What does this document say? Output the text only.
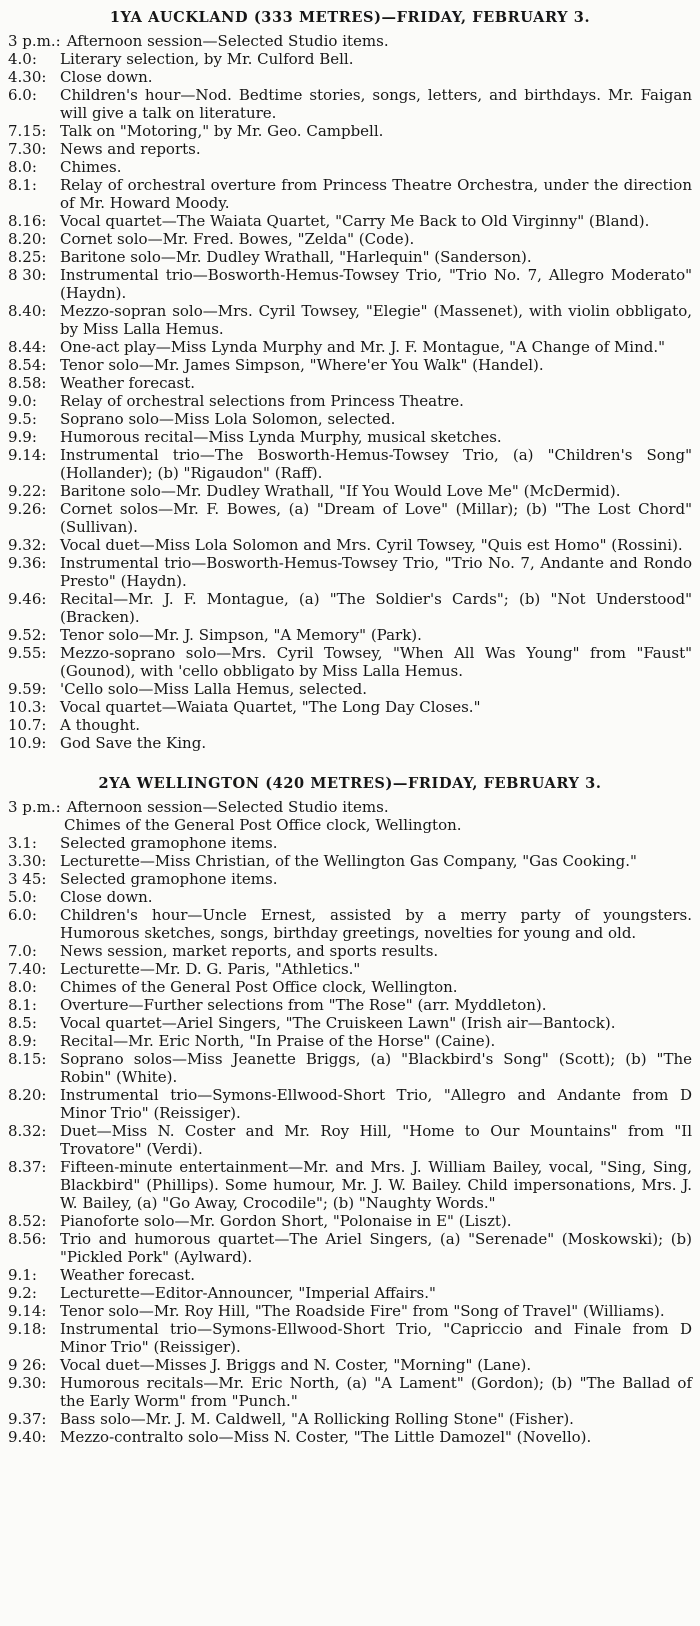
1YA AUCKLAND (333 METRES)—FRIDAY, FEBRUARY 3.
3 p.m.: Afternoon session—Selected Studio items.
4.0:	Literary selection, by Mr. Culford Bell.
4.30: Close down.
6.0:	Children's hour—Nod. Bedtime stories, songs, letters, and birthdays. Mr. Faigan will give a talk on literature.
7.15: Talk on "Motoring," by Mr. Geo. Campbell.
7.30: News and reports.
8.0:	Chimes.
8.1:	Relay of orchestral overture from Princess Theatre Orchestra, under the direction of Mr. Howard Moody.
8.16: Vocal quartet—The Waiata Quartet, "Carry Me Back to Old Virginny" (Bland).
8.20: Cornet solo—Mr. Fred. Bowes, "Zelda" (Code).
8.25: Baritone solo—Mr. Dudley Wrathall, "Harlequin" (Sanderson).
8 30: Instrumental trio—Bosworth-Hemus-Towsey Trio, "Trio No. 7, Allegro Moderato" (Haydn).
8.40: Mezzo-sopran solo—Mrs. Cyril Towsey, "Elegie" (Massenet), with violin obbligato, by Miss Lalla Hemus.
8.44: One-act play—Miss Lynda Murphy and Mr. J. F. Montague, "A Change of Mind."
8.54: Tenor solo—Mr. James Simpson, "Where'er You Walk" (Handel).
8.58: Weather forecast.
9.0:	Relay of orchestral selections from Princess Theatre.
9.5:	Soprano solo—Miss Lola Solomon, selected.
9.9:	Humorous recital—Miss Lynda Murphy, musical sketches.
9.14: Instrumental trio—The Bosworth-Hemus-Towsey Trio, (a) "Children's Song" (Hollander); (b) "Rigaudon" (Raff).
9.22: Baritone solo—Mr. Dudley Wrathall, "If You Would Love Me" (McDermid).
9.26: Cornet solos—Mr. F. Bowes, (a) "Dream of Love" (Millar); (b) "The Lost Chord" (Sullivan).
9.32: Vocal duet—Miss Lola Solomon and Mrs. Cyril Towsey, "Quis est Homo" (Rossini).
9.36: Instrumental trio—Bosworth-Hemus-Towsey Trio, "Trio No. 7, Andante and Rondo Presto" (Haydn).
9.46: Recital—Mr. J. F. Montague, (a) "The Soldier's Cards"; (b) "Not Understood" (Bracken).
9.52: Tenor solo—Mr. J. Simpson, "A Memory" (Park).
9.55: Mezzo-soprano solo—Mrs. Cyril Towsey, "When All Was Young" from "Faust" (Gounod), with 'cello obbligato by Miss Lalla Hemus.
9.59: 'Cello solo—Miss Lalla Hemus, selected.
10.3: Vocal quartet—Waiata Quartet, "The Long Day Closes."
10.7: A thought.
10.9: God Save the King.
2YA WELLINGTON (420 METRES)—FRIDAY, FEBRUARY 3.
3 p.m.: Afternoon session—Selected Studio items.
Chimes of the General Post Office clock, Wellington.
3.1:	Selected gramophone items.
3.30: Lecturette—Miss Christian, of the Wellington Gas Company, "Gas Cooking."
3 45: Selected gramophone items.
5.0:	Close down.
6.0:	Children's hour—Uncle Ernest, assisted by a merry party of youngsters. Humorous sketches, songs, birthday greetings, novelties for young and old.
7.0:	News session, market reports, and sports results.
7.40: Lecturette—Mr. D. G. Paris, "Athletics."
8.0:	Chimes of the General Post Office clock, Wellington.
8.1:	Overture—Further selections from "The Rose" (arr. Myddleton).
8.5:	Vocal quartet—Ariel Singers, "The Cruiskeen Lawn" (Irish air—Bantock).
8.9:	Recital—Mr. Eric North, "In Praise of the Horse" (Caine).
8.15: Soprano solos—Miss Jeanette Briggs, (a) "Blackbird's Song" (Scott); (b) "The Robin" (White).
8.20: Instrumental trio—Symons-Ellwood-Short Trio, "Allegro and Andante from D Minor Trio" (Reissiger).
8.32: Duet—Miss N. Coster and Mr. Roy Hill, "Home to Our Mountains" from "Il Trovatore" (Verdi).
8.37: Fifteen-minute entertainment—Mr. and Mrs. J. William Bailey, vocal, "Sing, Sing, Blackbird" (Phillips). Some humour, Mr. J. W. Bailey. Child impersonations, Mrs. J. W. Bailey, (a) "Go Away, Crocodile"; (b) "Naughty Words."
8.52: Pianoforte solo—Mr. Gordon Short, "Polonaise in E" (Liszt).
8.56: Trio and humorous quartet—The Ariel Singers, (a) "Serenade" (Moskowski); (b) "Pickled Pork" (Aylward).
9.1:	Weather forecast.
9.2:	Lecturette—Editor-Announcer, "Imperial Affairs."
9.14: Tenor solo—Mr. Roy Hill, "The Roadside Fire" from "Song of Travel" (Williams).
9.18: Instrumental trio—Symons-Ellwood-Short Trio, "Capriccio and Finale from D Minor Trio" (Reissiger).
9 26: Vocal duet—Misses J. Briggs and N. Coster, "Morning" (Lane).
9.30: Humorous recitals—Mr. Eric North, (a) "A Lament" (Gordon); (b) "The Ballad of the Early Worm" from "Punch."
9.37: Bass solo—Mr. J. M. Caldwell, "A Rollicking Rolling Stone" (Fisher).
9.40: Mezzo-contralto solo—Miss N. Coster, "The Little Damozel" (Novello).
